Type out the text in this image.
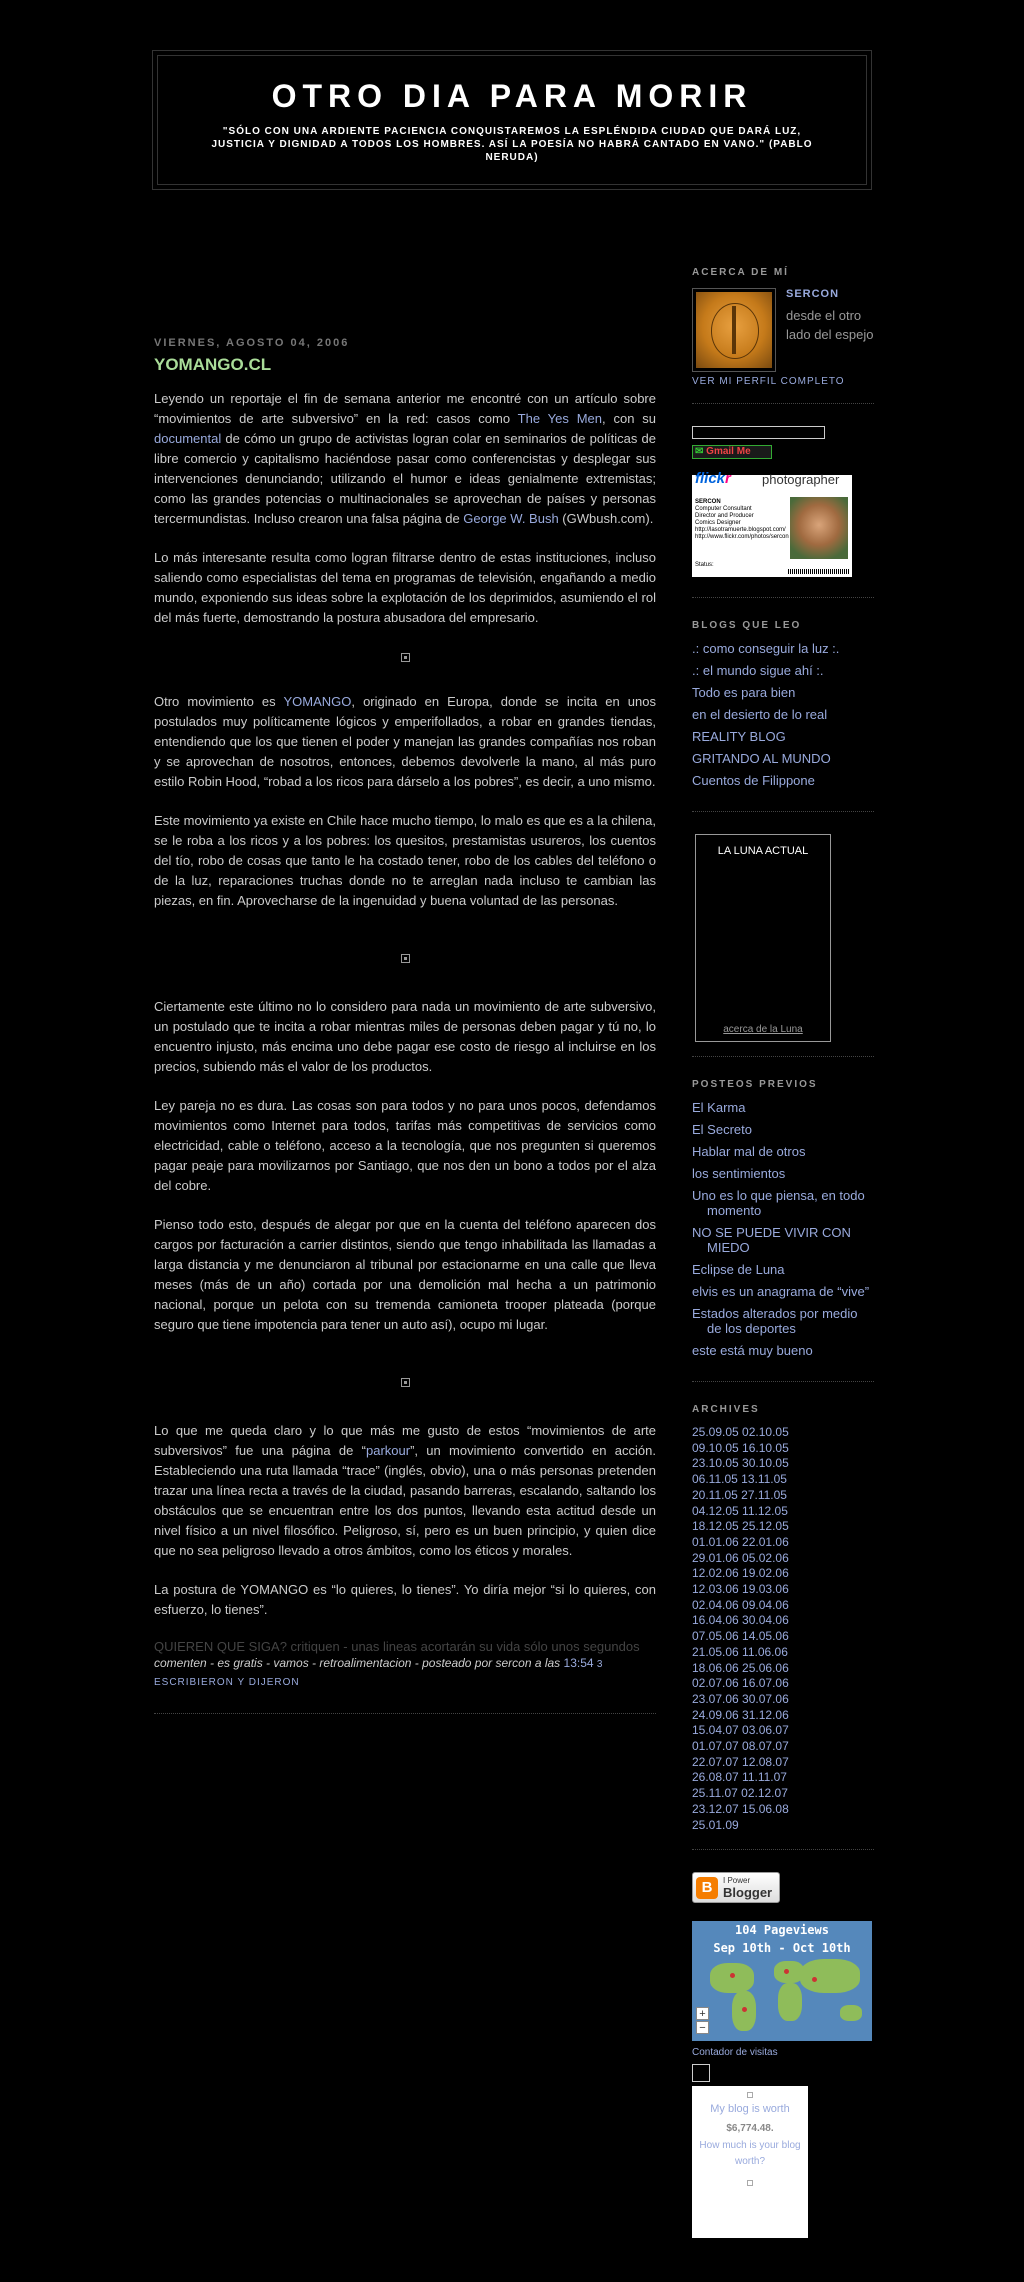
OTRO DIA PARA MORIR
"SÓLO CON UNA ARDIENTE PACIENCIA CONQUISTAREMOS LA ESPLÉNDIDA CIUDAD QUE DARÁ LUZ, JUSTICIA Y DIGNIDAD A TODOS LOS HOMBRES. ASÍ LA POESÍA NO HABRÁ CANTADO EN VANO." (PABLO NERUDA)
VIERNES, AGOSTO 04, 2006
YOMANGO.CL

Leyendo un reportaje el fin de semana anterior me encontré con un artículo sobre “movimientos de arte subversivo” en la red: casos como The Yes Men, con su documental de cómo un grupo de activistas logran colar en seminarios de políticas de libre comercio y capitalismo haciéndose pasar como conferencistas y desplegar sus intervenciones denunciando; utilizando el humor e ideas genialmente extremistas; como las grandes potencias o multinacionales se aprovechan de países y personas tercermundistas. Incluso crearon una falsa página de George W. Bush (GWbush.com).

Lo más interesante resulta como logran filtrarse dentro de estas instituciones, incluso saliendo como especialistas del tema en programas de televisión, engañando a medio mundo, exponiendo sus ideas sobre la explotación de los deprimidos, asumiendo el rol del más fuerte, demostrando la postura abusadora del empresario.

Otro movimiento es YOMANGO, originado en Europa, donde se incita en unos postulados muy políticamente lógicos y emperifollados, a robar en grandes tiendas, entendiendo que los que tienen el poder y manejan las grandes compañías nos roban y se aprovechan de nosotros, entonces, debemos devolverle la mano, al más puro estilo Robin Hood, “robad a los ricos para dárselo a los pobres”, es decir, a uno mismo.

Este movimiento ya existe en Chile hace mucho tiempo, lo malo es que es a la chilena, se le roba a los ricos y a los pobres: los quesitos, prestamistas usureros, los cuentos del tío, robo de cosas que tanto le ha costado tener, robo de los cables del teléfono o de la luz, reparaciones truchas donde no te arreglan nada incluso te cambian las piezas, en fin. Aprovecharse de la ingenuidad y buena voluntad de las personas.

Ciertamente este último no lo considero para nada un movimiento de arte subversivo, un postulado que te incita a robar mientras miles de personas deben pagar y tú no, lo encuentro injusto, más encima uno debe pagar ese costo de riesgo al incluirse en los precios, subiendo más el valor de los productos.

Ley pareja no es dura. Las cosas son para todos y no para unos pocos, defendamos movimientos como Internet para todos, tarifas más competitivas de servicios como electricidad, cable o teléfono, acceso a la tecnología, que nos pregunten si queremos pagar peaje para movilizarnos por Santiago, que nos den un bono a todos por el alza del cobre.

Pienso todo esto, después de alegar por que en la cuenta del teléfono aparecen dos cargos por facturación a carrier distintos, siendo que tengo inhabilitada las llamadas a larga distancia y me denunciaron al tribunal por estacionarme en una calle que lleva meses (más de un año) cortada por una demolición mal hecha a un patrimonio nacional, porque un pelota con su tremenda camioneta trooper plateada (porque seguro que tiene impotencia para tener un auto así), ocupo mi lugar.

Lo que me queda claro y lo que más me gusto de estos “movimientos de arte subversivos” fue una página de “parkour”, un movimiento convertido en acción. Estableciendo una ruta llamada “trace” (inglés, obvio), una o más personas pretenden trazar una línea recta a través de la ciudad, pasando barreras, escalando, saltando los obstáculos que se encuentran entre los dos puntos, llevando esta actitud desde un nivel físico a un nivel filosófico. Peligroso, sí, pero es un buen principio, y quien dice que no sea peligroso llevado a otros ámbitos, como los éticos y morales.

La postura de YOMANGO es “lo quieres, lo tienes”. Yo diría mejor “si lo quieres, con esfuerzo, lo tienes”.

QUIEREN QUE SIGA? critiquen - unas lineas acortarán su vida sólo unos segundos
comenten - es gratis - vamos - retroalimentacion - posteado por sercon a las 13:54 3 ESCRIBIERON Y DIJERON
ACERCA DE MÍ
SERCON
desde el otro lado del espejo
VER MI PERFIL COMPLETO
✉ Gmail Me
flickr photographer
SERCON
Computer Consultant
Director and Producer
Comics Designer
http://lasotramuerte.blogspot.com/
http://www.flickr.com/photos/sercon

Status:
BLOGS QUE LEO
.: como conseguir la luz :.
.: el mundo sigue ahí :.
Todo es para bien
en el desierto de lo real
REALITY BLOG
GRITANDO AL MUNDO
Cuentos de Filippone
LA LUNA ACTUAL
acerca de la Luna
POSTEOS PREVIOS
El Karma
El Secreto
Hablar mal de otros
los sentimientos
Uno es lo que piensa, en todo momento
NO SE PUEDE VIVIR CON MIEDO
Eclipse de Luna
elvis es un anagrama de “vive”
Estados alterados por medio de los deportes
este está muy bueno
ARCHIVES
25.09.05 02.10.05
09.10.05 16.10.05
23.10.05 30.10.05
06.11.05 13.11.05
20.11.05 27.11.05
04.12.05 11.12.05
18.12.05 25.12.05
01.01.06 22.01.06
29.01.06 05.02.06
12.02.06 19.02.06
12.03.06 19.03.06
02.04.06 09.04.06
16.04.06 30.04.06
07.05.06 14.05.06
21.05.06 11.06.06
18.06.06 25.06.06
02.07.06 16.07.06
23.07.06 30.07.06
24.09.06 31.12.06
15.04.07 03.06.07
01.07.07 08.07.07
22.07.07 12.08.07
26.08.07 11.11.07
25.11.07 02.12.07
23.12.07 15.06.08
25.01.09
B	I Power
Blogger
104 Pageviews
Sep 10th - Oct 10th
+
−
Contador de visitas
My blog is worth
$6,774.48.
How much is your blog worth?
